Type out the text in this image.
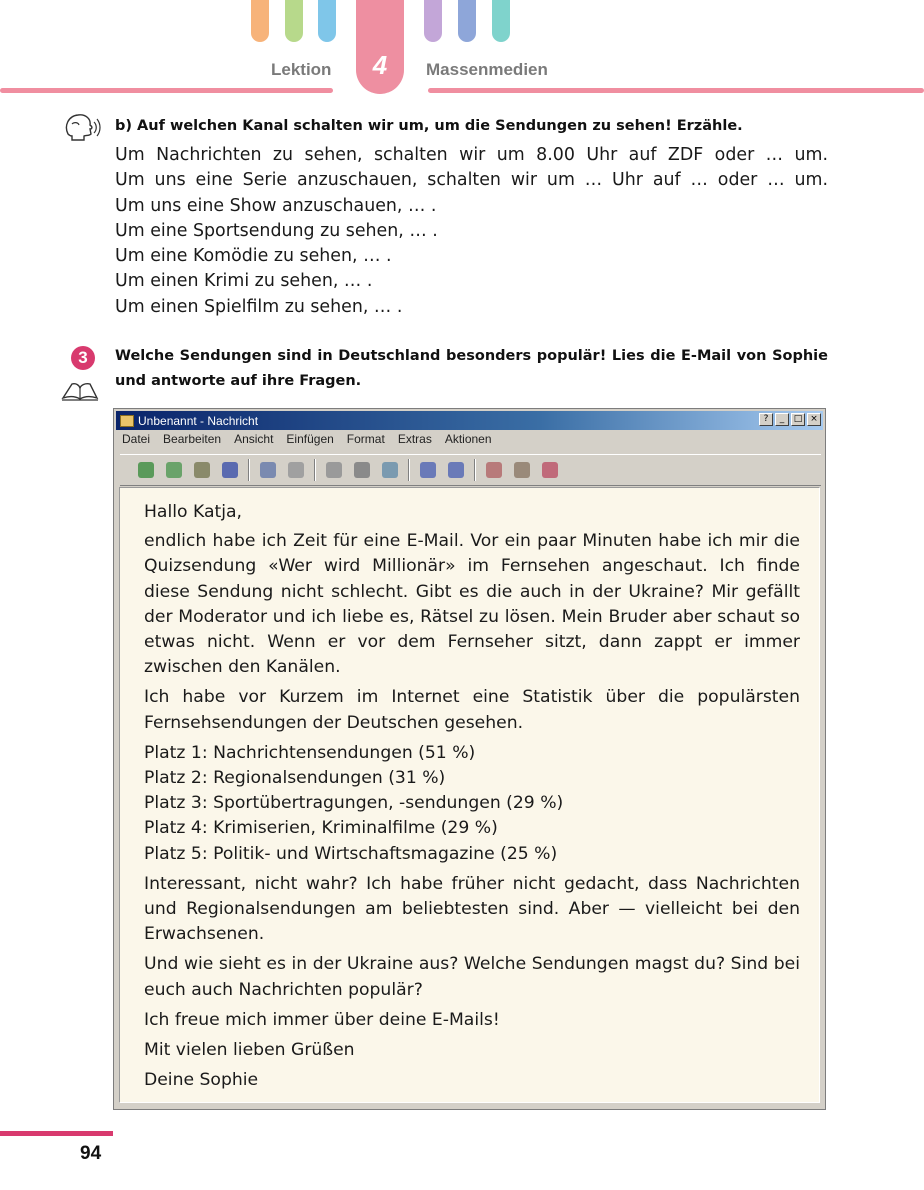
Lektion 4 Massenmedien
b) Auf welchen Kanal schalten wir um, um die Sendungen zu sehen! Erzähle.
Um Nachrichten zu sehen, schalten wir um 8.00 Uhr auf ZDF oder … um.
Um uns eine Serie anzuschauen, schalten wir um … Uhr auf … oder … um.
Um uns eine Show anzuschauen, … .
Um eine Sportsendung zu sehen, … .
Um eine Komödie zu sehen, … .
Um einen Krimi zu sehen, … .
Um einen Spielfilm zu sehen, … .
3	Welche Sendungen sind in Deutschland besonders populär! Lies die E-Mail von Sophie und antworte auf ihre Fragen.
Unbenannt - Nachricht	?	_	□ ×
Datei Bearbeiten Ansicht Einfügen Format Extras Aktionen

Hallo Katja,

endlich habe ich Zeit für eine E-Mail. Vor ein paar Minuten habe ich mir die Quizsendung «Wer wird Millionär» im Fernsehen angeschaut. Ich finde diese Sendung nicht schlecht. Gibt es die auch in der Ukraine? Mir gefällt der Moderator und ich liebe es, Rätsel zu lösen. Mein Bruder aber schaut so etwas nicht. Wenn er vor dem Fernseher sitzt, dann zappt er immer zwischen den Kanälen.

Ich habe vor Kurzem im Internet eine Statistik über die populärsten Fernsehsendungen der Deutschen gesehen.

Platz 1: Nachrichtensendungen (51 %)
Platz 2: Regionalsendungen (31 %)
Platz 3: Sportübertragungen, -sendungen (29 %)
Platz 4: Krimiserien, Kriminalfilme (29 %)
Platz 5: Politik- und Wirtschaftsmagazine (25 %)

Interessant, nicht wahr? Ich habe früher nicht gedacht, dass Nachrichten und Regionalsendungen am beliebtesten sind. Aber — vielleicht bei den Erwachsenen.

Und wie sieht es in der Ukraine aus? Welche Sendungen magst du? Sind bei euch auch Nachrichten populär?

Ich freue mich immer über deine E-Mails!

Mit vielen lieben Grüßen

Deine Sophie

94
